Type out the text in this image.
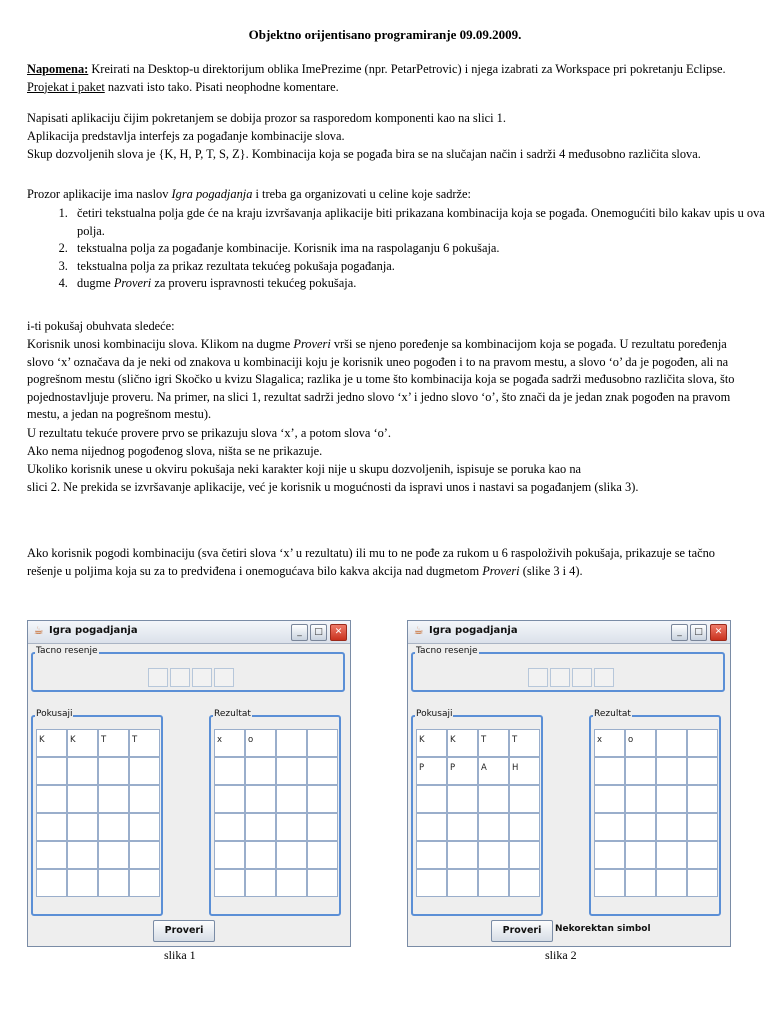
Objektno orijentisano programiranje 09.09.2009.

Napomena: Kreirati na Desktop-u direktorijum oblika ImePrezime (npr. PetarPetrovic) i njega izabrati za Workspace pri pokretanju Eclipse. Projekat i paket nazvati isto tako. Pisati neophodne komentare.

Napisati aplikaciju čijim pokretanjem se dobija prozor sa rasporedom komponenti kao na slici 1.

Aplikacija predstavlja interfejs za pogađanje kombinacije slova.

Skup dozvoljenih slova je {K, H, P, T, S, Z}. Kombinacija koja se pogađa bira se na slučajan način i sadrži 4 međusobno različita slova.

Prozor aplikacije ima naslov Igra pogadjanja i treba ga organizovati u celine koje sadrže:

1. četiri tekstualna polja gde će na kraju izvršavanja aplikacije biti prikazana kombinacija koja se pogađa. Onemogućiti bilo kakav upis u ova polja.
2. tekstualna polja za pogađanje kombinacije. Korisnik ima na raspolaganju 6 pokušaja.
3. tekstualna polja za prikaz rezultata tekućeg pokušaja pogađanja.
4. dugme Proveri za proveru ispravnosti tekućeg pokušaja.

i-ti pokušaj obuhvata sledeće:

Korisnik unosi kombinaciju slova. Klikom na dugme Proveri vrši se njeno poređenje sa kombinacijom koja se pogađa. U rezultatu poređenja slovo ‘x’ označava da je neki od znakova u kombinaciji koju je korisnik uneo pogođen i to na pravom mestu, a slovo ‘o’ da je pogođen, ali na pogrešnom mestu (slično igri Skočko u kvizu Slagalica; razlika je u tome što kombinacija koja se pogađa sadrži međusobno različita slova, što pojednostavljuje proveru. Na primer, na slici 1, rezultat sadrži jedno slovo ‘x’ i jedno slovo ‘o’, što znači da je jedan znak pogođen na pravom mestu, a jedan na pogrešnom mestu).

U rezultatu tekuće provere prvo se prikazuju slova ‘x’, a potom slova ‘o’.

Ako nema nijednog pogođenog slova, ništa se ne prikazuje.

Ukoliko korisnik unese u okviru pokušaja neki karakter koji nije u skupu dozvoljenih, ispisuje se poruka kao na

slici 2. Ne prekida se izvršavanje aplikacije, već je korisnik u mogućnosti da ispravi unos i nastavi sa pogađanjem (slika 3).

Ako korisnik pogodi kombinaciju (sva četiri slova ‘x’ u rezultatu) ili mu to ne pođe za rukom u 6 raspoloživih pokušaja, prikazuje se tačno rešenje u poljima koja su za to predviđena i onemogućava bilo kakva akcija nad dugmetom Proveri (slike 3 i 4).

☕ Igra pogadjanja	_	□	✕
Tacno resenje
Pokusaji
K	K	T	T
Rezultat
x	o
Proveri
slika 1
☕ Igra pogadjanja	_	□	✕
Tacno resenje
Pokusaji
K	K	T	T
P	P	A	H
Rezultat
x	o
Proveri	Nekorektan simbol
slika 2
